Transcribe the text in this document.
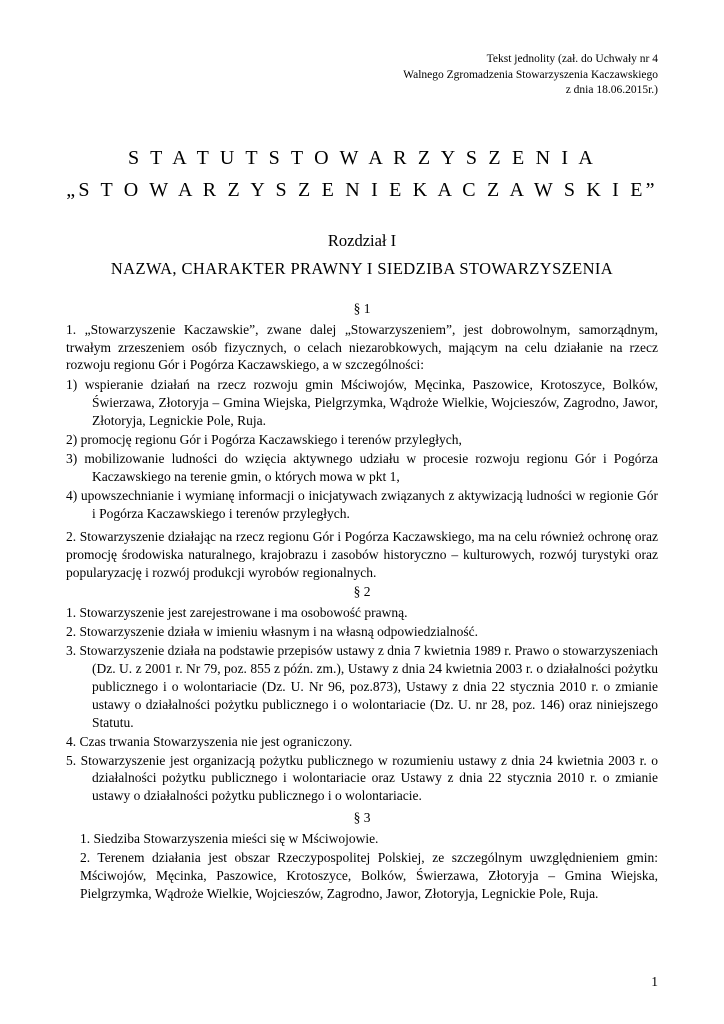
Tekst jednolity (zał. do Uchwały nr 4
Walnego Zgromadzenia Stowarzyszenia Kaczawskiego
z dnia 18.06.2015r.)
S T A T U T S T O W A R Z Y S Z E N I A
„S T O W A R Z Y S Z E N I E K A C Z A W S K I E”
Rozdział I
NAZWA, CHARAKTER PRAWNY I SIEDZIBA STOWARZYSZENIA
§ 1

1. „Stowarzyszenie Kaczawskie”, zwane dalej „Stowarzyszeniem”, jest dobrowolnym, samorządnym, trwałym zrzeszeniem osób fizycznych, o celach niezarobkowych, mającym na celu działanie na rzecz rozwoju regionu Gór i Pogórza Kaczawskiego, a w szczególności:

1) wspieranie działań na rzecz rozwoju gmin Mściwojów, Męcinka, Paszowice, Krotoszyce, Bolków, Świerzawa, Złotoryja – Gmina Wiejska, Pielgrzymka, Wądroże Wielkie, Wojcieszów, Zagrodno, Jawor, Złotoryja, Legnickie Pole, Ruja.

2) promocję regionu Gór i Pogórza Kaczawskiego i terenów przyległych,

3) mobilizowanie ludności do wzięcia aktywnego udziału w procesie rozwoju regionu Gór i Pogórza Kaczawskiego na terenie gmin, o których mowa w pkt 1,

4) upowszechnianie i wymianę informacji o inicjatywach związanych z aktywizacją ludności w regionie Gór i Pogórza Kaczawskiego i terenów przyległych.

2. Stowarzyszenie działając na rzecz regionu Gór i Pogórza Kaczawskiego, ma na celu również ochronę oraz promocję środowiska naturalnego, krajobrazu i zasobów historyczno – kulturowych, rozwój turystyki oraz popularyzację i rozwój produkcji wyrobów regionalnych.

§ 2

1. Stowarzyszenie jest zarejestrowane i ma osobowość prawną.

2. Stowarzyszenie działa w imieniu własnym i na własną odpowiedzialność.

3. Stowarzyszenie działa na podstawie przepisów ustawy z dnia 7 kwietnia 1989 r. Prawo o stowarzyszeniach (Dz. U. z 2001 r. Nr 79, poz. 855 z późn. zm.), Ustawy z dnia 24 kwietnia 2003 r. o działalności pożytku publicznego i o wolontariacie (Dz. U. Nr 96, poz.873), Ustawy z dnia 22 stycznia 2010 r. o zmianie ustawy o działalności pożytku publicznego i o wolontariacie (Dz. U. nr 28, poz. 146) oraz niniejszego Statutu.

4. Czas trwania Stowarzyszenia nie jest ograniczony.

5. Stowarzyszenie jest organizacją pożytku publicznego w rozumieniu ustawy z dnia 24 kwietnia 2003 r. o działalności pożytku publicznego i wolontariacie oraz Ustawy z dnia 22 stycznia 2010 r. o zmianie ustawy o działalności pożytku publicznego i o wolontariacie.

§ 3

1. Siedziba Stowarzyszenia mieści się w Mściwojowie.

2. Terenem działania jest obszar Rzeczypospolitej Polskiej, ze szczególnym uwzględnieniem gmin: Mściwojów, Męcinka, Paszowice, Krotoszyce, Bolków, Świerzawa, Złotoryja – Gmina Wiejska, Pielgrzymka, Wądroże Wielkie, Wojcieszów, Zagrodno, Jawor, Złotoryja, Legnickie Pole, Ruja.

1
